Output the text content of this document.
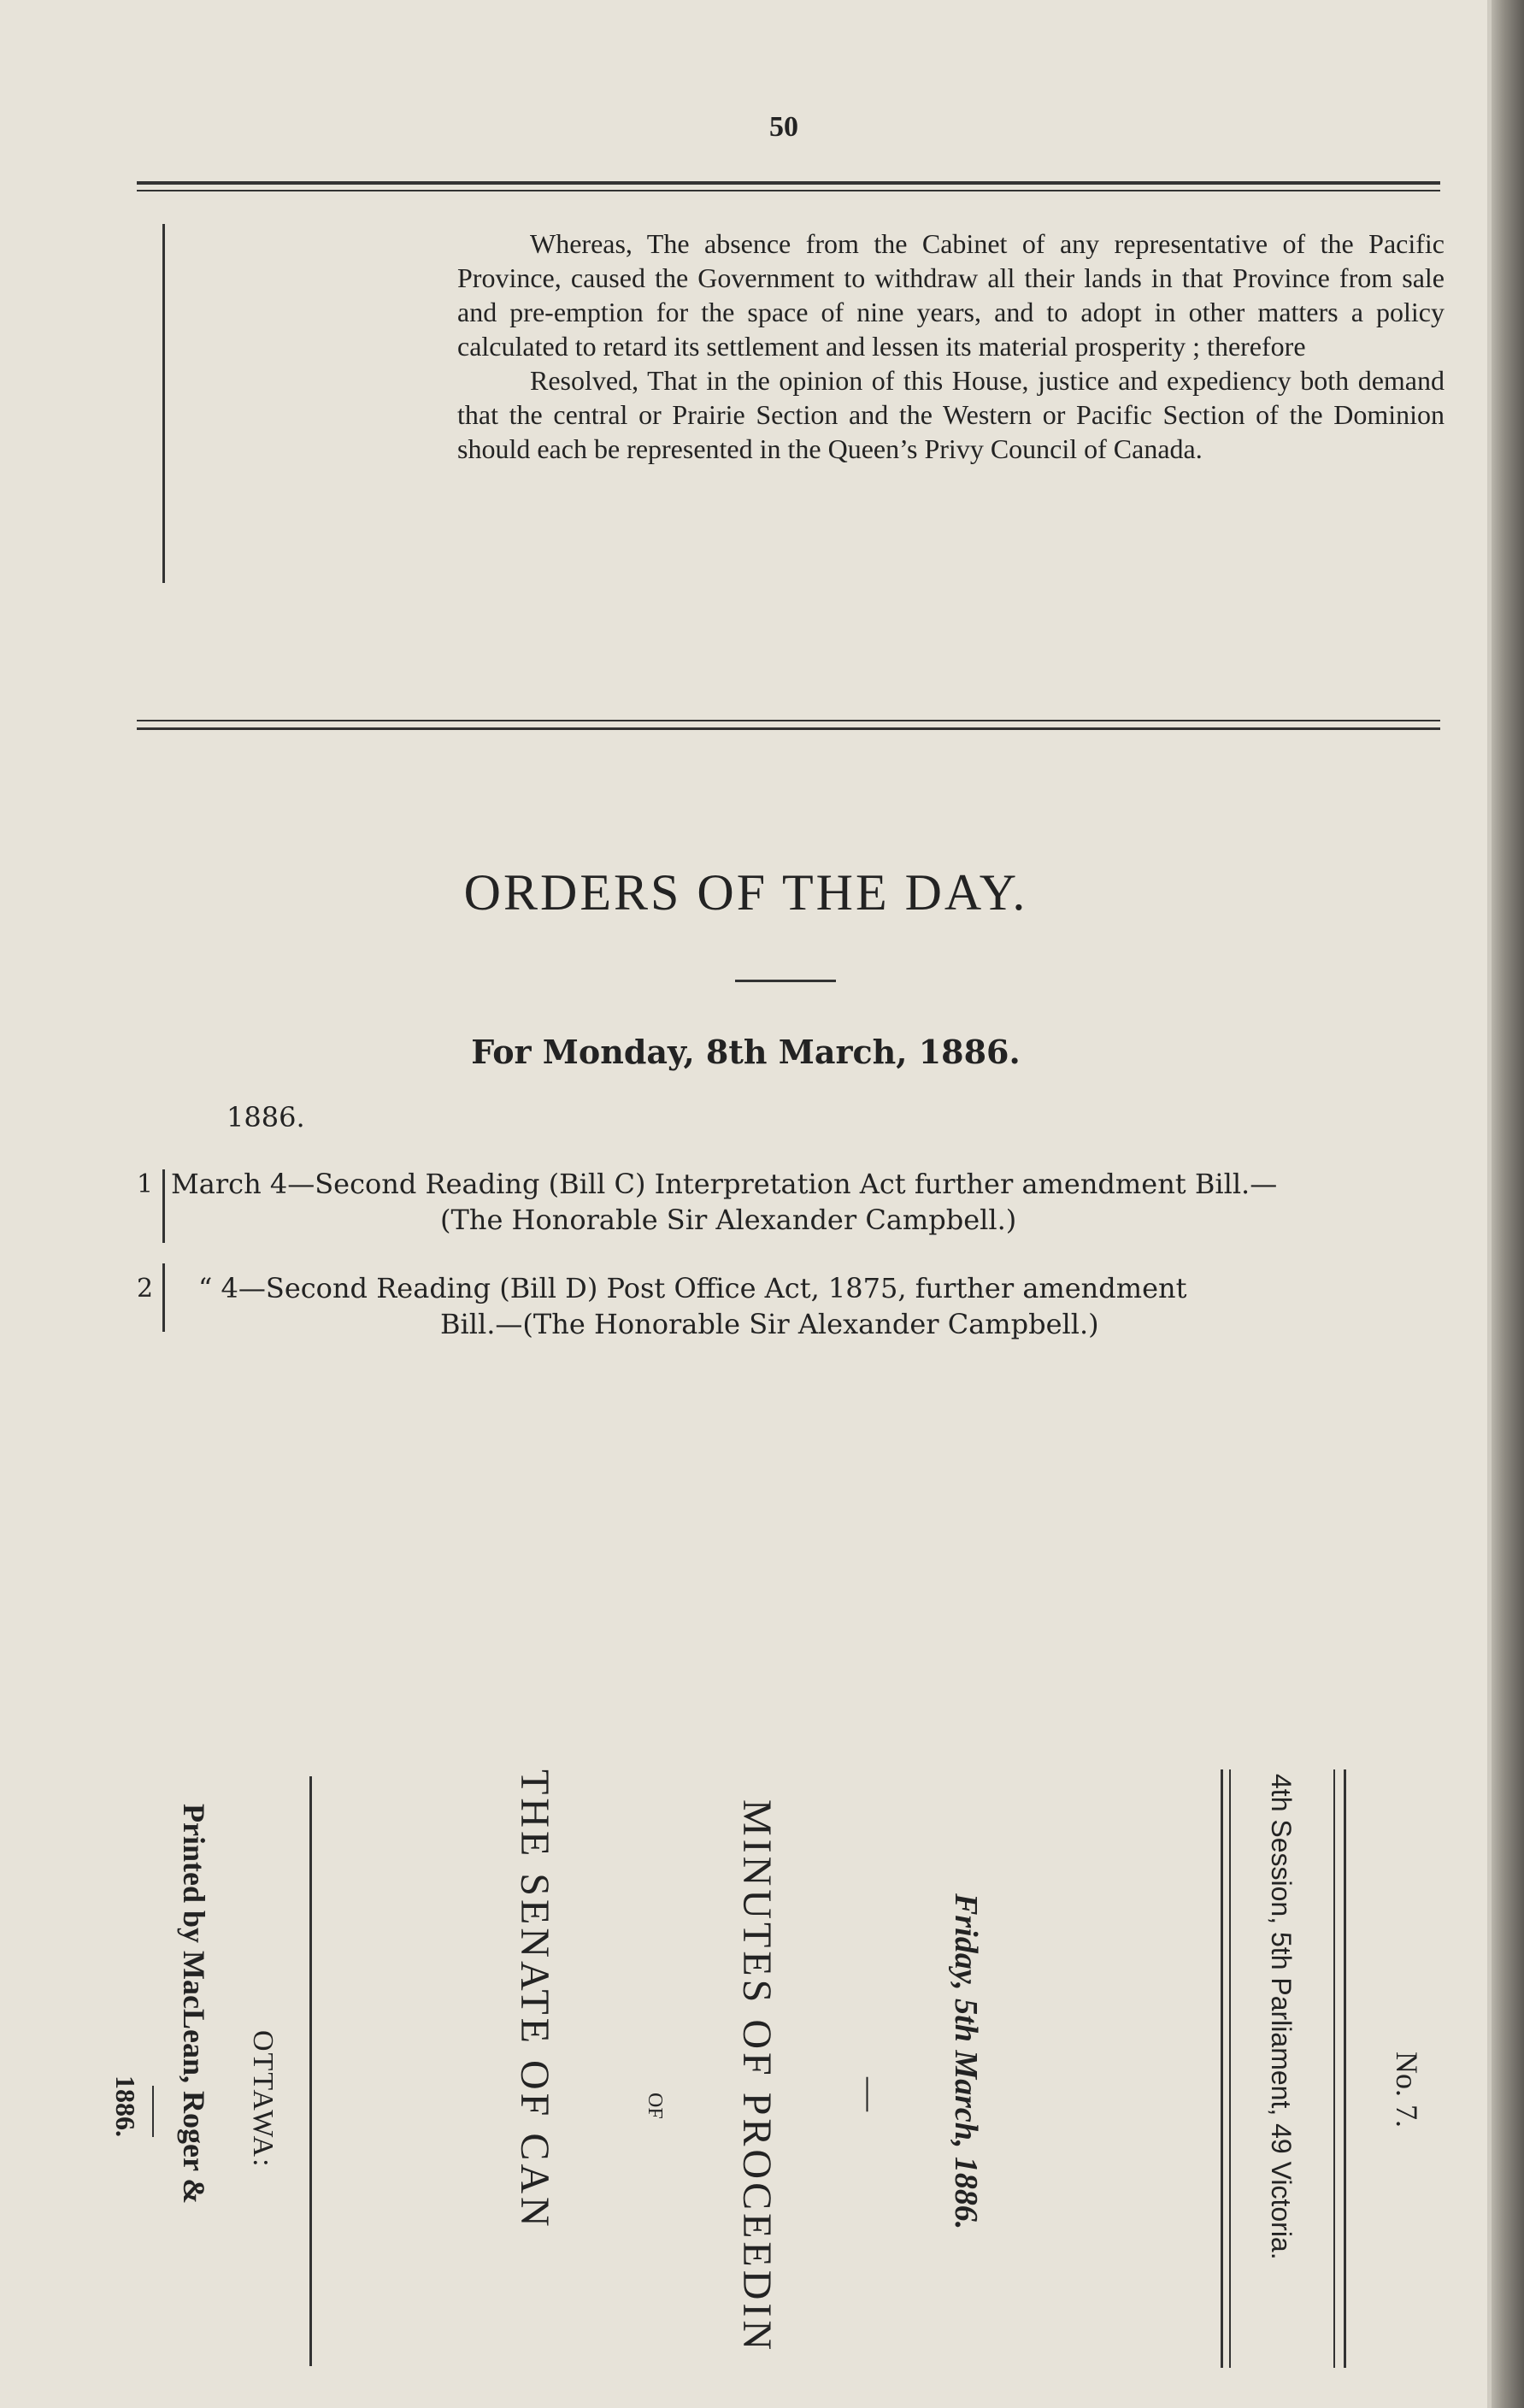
50

Whereas, The absence from the Cabinet of any representative of the Pacific Province, caused the Government to withdraw all their lands in that Province from sale and pre-emption for the space of nine years, and to adopt in other matters a policy calculated to retard its settlement and lessen its material prosperity ; therefore

Resolved, That in the opinion of this House, justice and expediency both demand that the central or Prairie Section and the Western or Pacific Section of the Dominion should each be represented in the Queen’s Privy Council of Canada.

ORDERS OF THE DAY.
For Monday, 8th March, 1886.
1886.
1 March 4—Second Reading (Bill C) Interpretation Act further amendment Bill.—
(The Honorable Sir Alexander Campbell.)
2 “ 4—Second Reading (Bill D) Post Office Act, 1875, further amendment
Bill.—(The Honorable Sir Alexander Campbell.)
No. 7.
4th Session, 5th Parliament, 49 Victoria.
Friday, 5th March, 1886.
—
MINUTES OF PROCEEDIN
OF
THE SENATE OF CAN
OTTAWA:
Printed by MacLean, Roger &
1886.
